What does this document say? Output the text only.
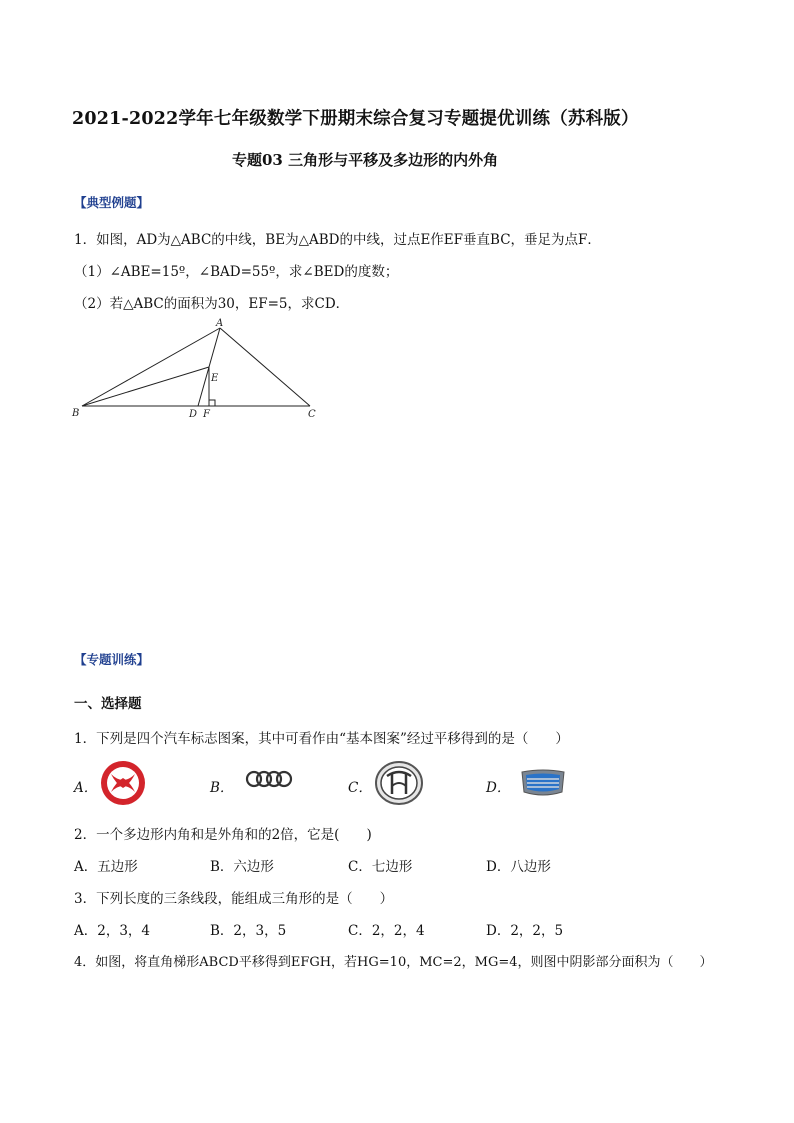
2021-2022学年七年级数学下册期末综合复习专题提优训练（苏科版）
专题03 三角形与平移及多边形的内外角
【典型例题】
1．如图，AD为△ABC的中线，BE为△ABD的中线，过点E作EF垂直BC，垂足为点F．
（1）∠ABE=15º，∠BAD=55º，求∠BED的度数；
（2）若△ABC的面积为30，EF=5，求CD．
A
B	C
D
E
F
【专题训练】
一、选择题
1．下列是四个汽车标志图案，其中可看作由“基本图案”经过平移得到的是（　　）
A．	B．	C．	D．
2．一个多边形内角和是外角和的2倍，它是(　　)
A．五边形	B．六边形	C．七边形	D．八边形
3．下列长度的三条线段，能组成三角形的是（　　）
A．2，3，4	B．2，3，5	C．2，2，4	D．2，2，5
4．如图，将直角梯形ABCD平移得到EFGH，若HG=10，MC=2，MG=4，则图中阴影部分面积为（　　）
